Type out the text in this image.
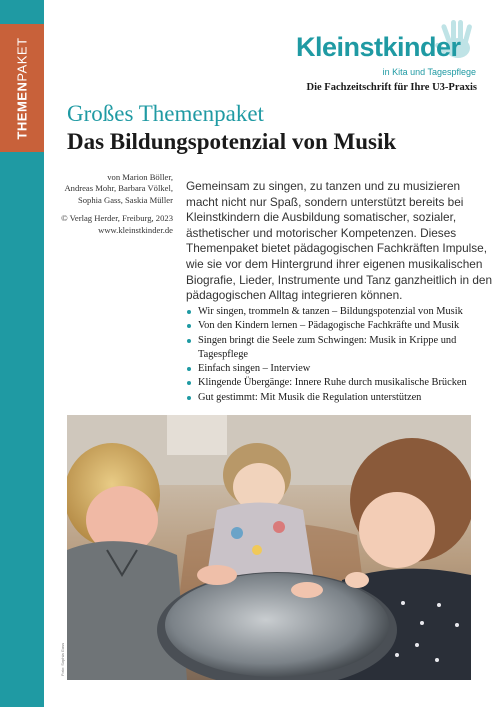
THEMENPAKET	Kleinstkinder
in Kita und Tagespflege
Die Fachzeitschrift für Ihre U3-Praxis
Großes Themenpaket
Das Bildungspotenzial von Musik
von Marion Böller,
Andreas Mohr, Barbara Völkel,
Sophia Gass, Saskia Müller
© Verlag Herder, Freiburg, 2023
www.kleinstkinder.de
Gemeinsam zu singen, zu tanzen und zu musizieren
macht nicht nur Spaß, sondern unterstützt bereits bei
Kleinstkindern die Ausbildung somatischer, sozialer,
ästhetischer und motorischer Kompetenzen. Dieses
Themenpaket bietet pädagogischen Fachkräften Impulse,
wie sie vor dem Hintergrund ihrer eigenen musikalischen
Biografie, Lieder, Instrumente und Tanz ganzheitlich in den
pädagogischen Alltag integrieren können.
Wir singen, trommeln & tanzen – Bildungspotenzial von Musik
Von den Kindern lernen – Pädagogische Fachkräfte und Musik
Singen bringt die Seele zum Schwingen: Musik in Krippe und Tagespflege
Einfach singen – Interview
Klingende Übergänge: Innere Ruhe durch musikalische Brücken
Gut gestimmt: Mit Musik die Regulation unterstützen
Foto: Sophia Gass
